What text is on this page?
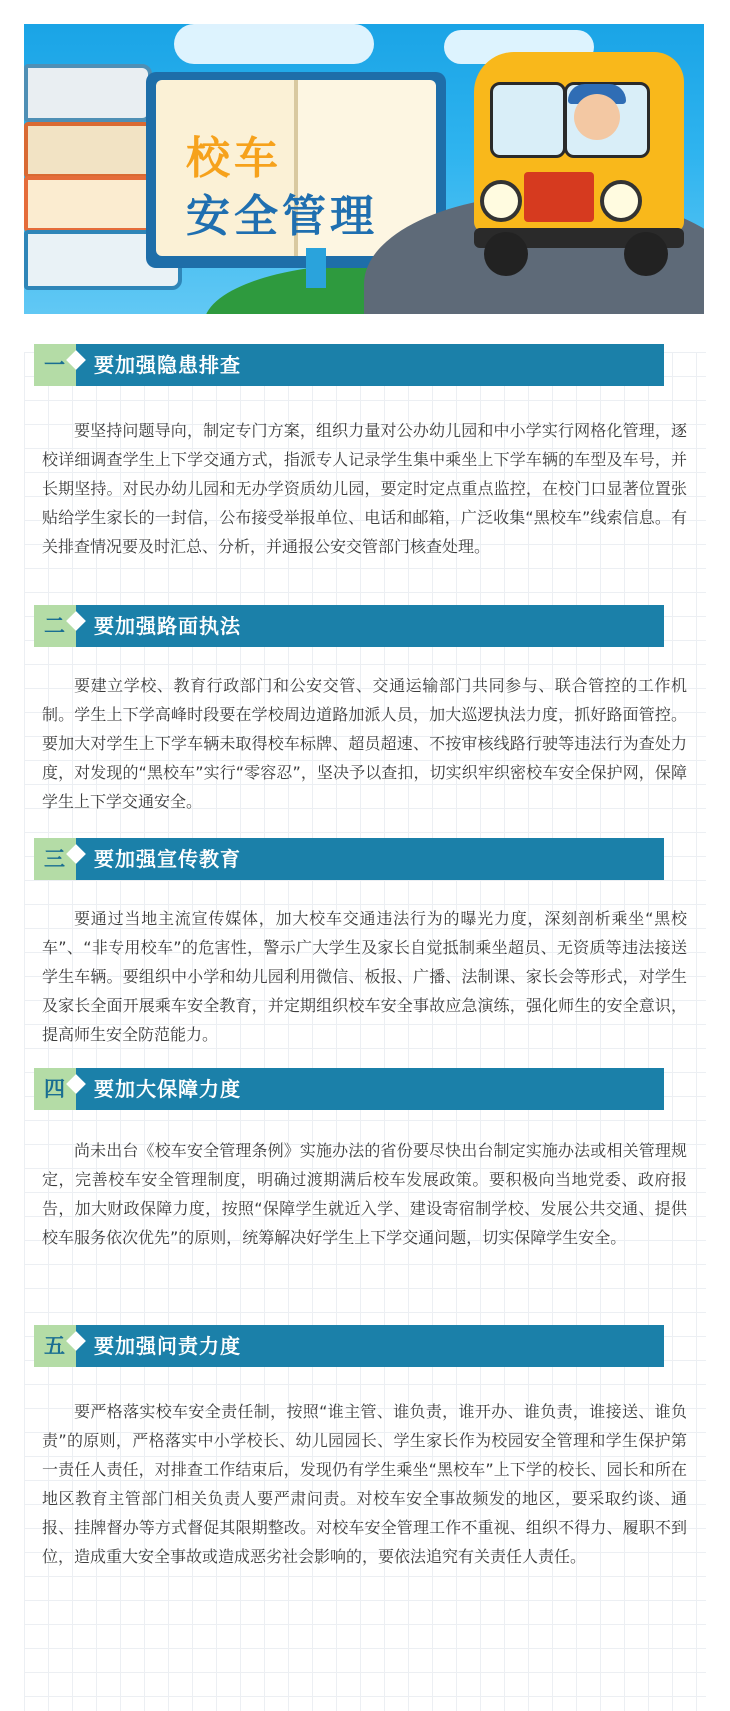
校车
安全管理
一	要加强隐患排查

要坚持问题导向，制定专门方案，组织力量对公办幼儿园和中小学实行网格化管理，逐校详细调查学生上下学交通方式，指派专人记录学生集中乘坐上下学车辆的车型及车号，并长期坚持。对民办幼儿园和无办学资质幼儿园，要定时定点重点监控，在校门口显著位置张贴给学生家长的一封信，公布接受举报单位、电话和邮箱，广泛收集“黑校车”线索信息。有关排查情况要及时汇总、分析，并通报公安交管部门核查处理。

二	要加强路面执法

要建立学校、教育行政部门和公安交管、交通运输部门共同参与、联合管控的工作机制。学生上下学高峰时段要在学校周边道路加派人员，加大巡逻执法力度，抓好路面管控。要加大对学生上下学车辆未取得校车标牌、超员超速、不按审核线路行驶等违法行为查处力度，对发现的“黑校车”实行“零容忍”，坚决予以查扣，切实织牢织密校车安全保护网，保障学生上下学交通安全。

三	要加强宣传教育

要通过当地主流宣传媒体，加大校车交通违法行为的曝光力度，深刻剖析乘坐“黑校车”、“非专用校车”的危害性，警示广大学生及家长自觉抵制乘坐超员、无资质等违法接送学生车辆。要组织中小学和幼儿园利用微信、板报、广播、法制课、家长会等形式，对学生及家长全面开展乘车安全教育，并定期组织校车安全事故应急演练，强化师生的安全意识，提高师生安全防范能力。

四	要加大保障力度

尚未出台《校车安全管理条例》实施办法的省份要尽快出台制定实施办法或相关管理规定，完善校车安全管理制度，明确过渡期满后校车发展政策。要积极向当地党委、政府报告，加大财政保障力度，按照“保障学生就近入学、建设寄宿制学校、发展公共交通、提供校车服务依次优先”的原则，统筹解决好学生上下学交通问题，切实保障学生安全。

五	要加强问责力度

要严格落实校车安全责任制，按照“谁主管、谁负责，谁开办、谁负责，谁接送、谁负责”的原则，严格落实中小学校长、幼儿园园长、学生家长作为校园安全管理和学生保护第一责任人责任，对排查工作结束后，发现仍有学生乘坐“黑校车”上下学的校长、园长和所在地区教育主管部门相关负责人要严肃问责。对校车安全事故频发的地区，要采取约谈、通报、挂牌督办等方式督促其限期整改。对校车安全管理工作不重视、组织不得力、履职不到位，造成重大安全事故或造成恶劣社会影响的，要依法追究有关责任人责任。
